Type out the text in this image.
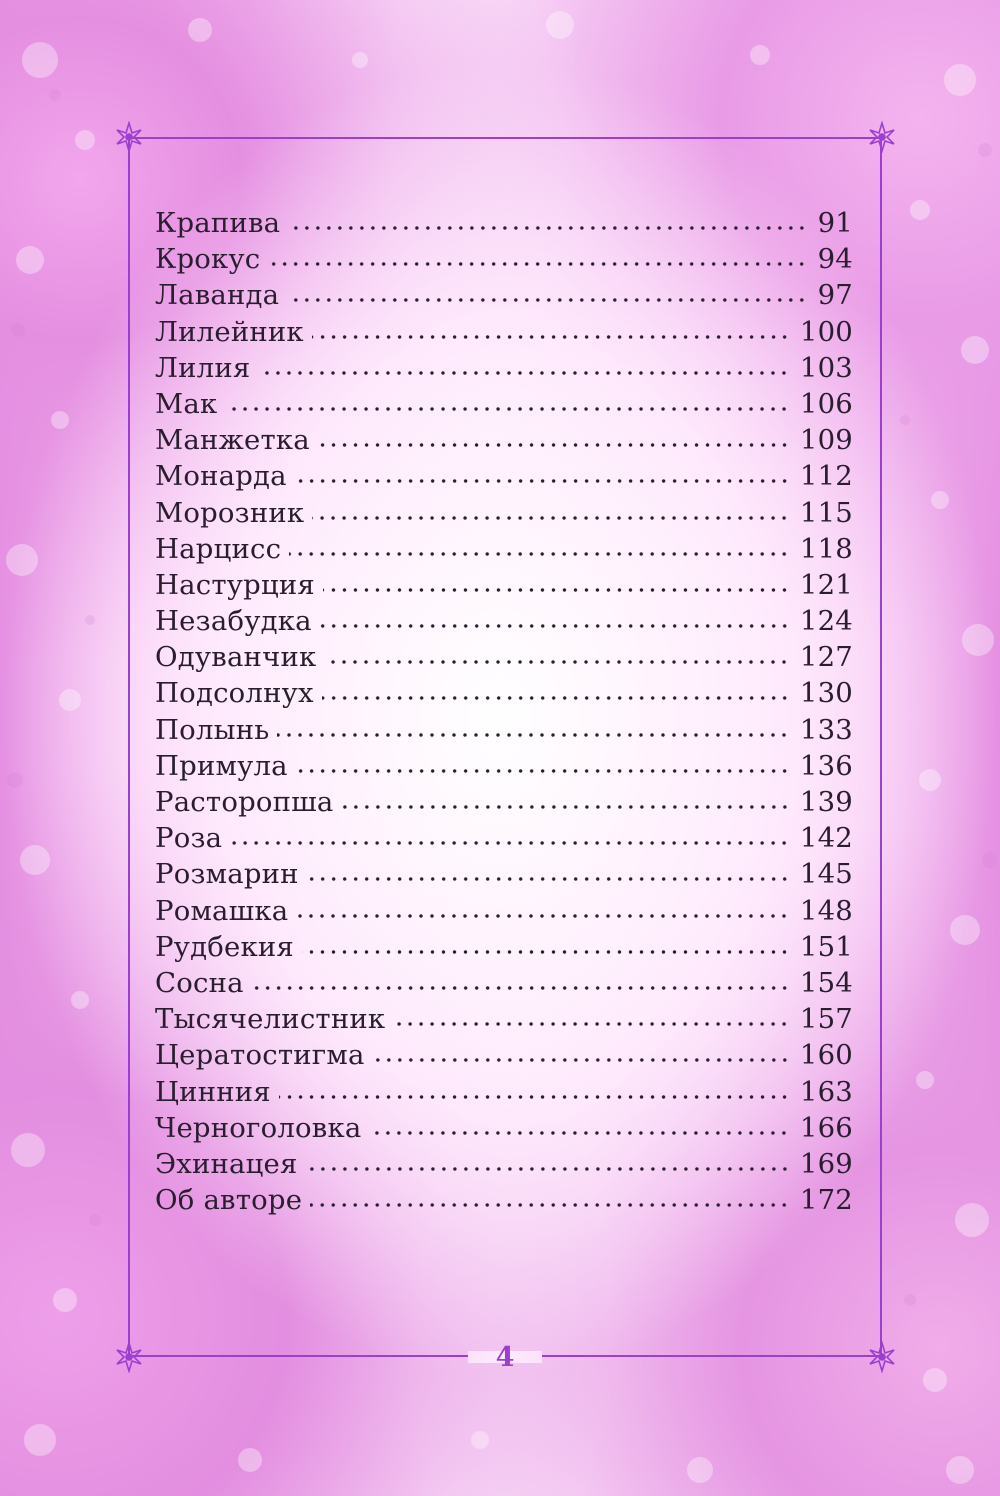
Крапива	91
Крокус	94
Лаванда	97
Лилейник	100
Лилия	103
Мак	106
Манжетка	109
Монарда	112
Морозник	115
Нарцисс	118
Настурция	121
Незабудка	124
Одуванчик	127
Подсолнух	130
Полынь	133
Примула	136
Расторопша	139
Роза	142
Розмарин	145
Ромашка	148
Рудбекия	151
Сосна	154
Тысячелистник	157
Цератостигма	160
Цинния	163
Черноголовка	166
Эхинацея	169
Об авторе	172
4
